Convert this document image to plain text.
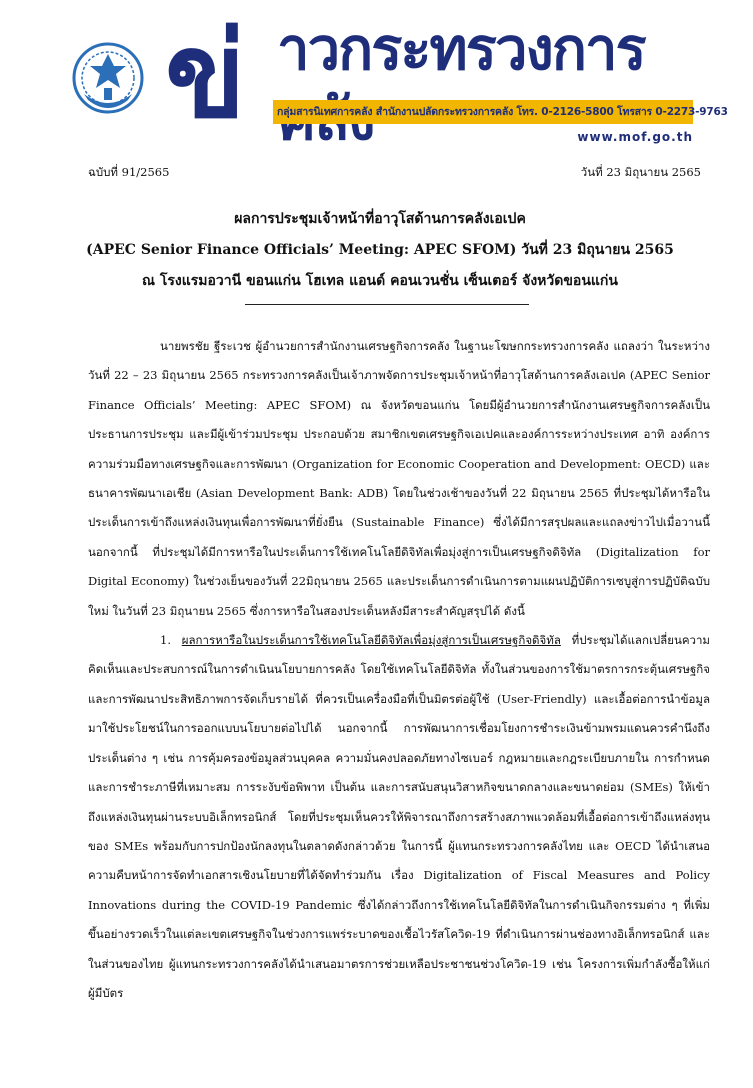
ข่ าวกระทรวงการ
กลุ่มสารนิเทศการคลัง สำนักงานปลัดกระทรวงการคลัง โทร. 0-2126-5800 โทรสาร 0-2273-9763
www.mof.go.th
ฉบับที่ 91/2565	วันที่ 23 มิถุนายน 2565
ผลการประชุมเจ้าหน้าที่อาวุโสด้านการคลังเอเปค
(APEC Senior Finance Officials’ Meeting: APEC SFOM) วันที่ 23 มิถุนายน 2565
ณ โรงแรมอวานี ขอนแก่น โฮเทล แอนด์ คอนเวนชั่น เซ็นเตอร์ จังหวัดขอนแก่น

นายพรชัย ฐีระเวช ผู้อำนวยการสำนักงานเศรษฐกิจการคลัง ในฐานะโฆษกกระทรวงการคลัง แถลงว่า ในระหว่างวันที่ 22 – 23 มิถุนายน 2565 กระทรวงการคลังเป็นเจ้าภาพจัดการประชุมเจ้าหน้าที่อาวุโสด้านการคลังเอเปค (APEC Senior Finance Officials’ Meeting: APEC SFOM) ณ จังหวัดขอนแก่น โดยมีผู้อำนวยการสำนักงานเศรษฐกิจการคลังเป็นประธานการประชุม และมีผู้เข้าร่วมประชุม ประกอบด้วย สมาชิกเขตเศรษฐกิจเอเปคและองค์การระหว่างประเทศ อาทิ องค์การความร่วมมือทางเศรษฐกิจและการพัฒนา (Organization for Economic Cooperation and Development: OECD) และธนาคารพัฒนาเอเชีย (Asian Development Bank: ADB) โดยในช่วงเช้าของวันที่ 22 มิถุนายน 2565 ที่ประชุมได้หารือในประเด็นการเข้าถึงแหล่งเงินทุนเพื่อการพัฒนาที่ยั่งยืน (Sustainable Finance) ซึ่งได้มีการสรุปผลและแถลงข่าวไปเมื่อวานนี้ นอกจากนี้ ที่ประชุมได้มีการหารือในประเด็นการใช้เทคโนโลยีดิจิทัลเพื่อมุ่งสู่การเป็นเศรษฐกิจดิจิทัล (Digitalization for Digital Economy) ในช่วงเย็นของวันที่ 22มิถุนายน 2565 และประเด็นการดำเนินการตามแผนปฏิบัติการเซบูสู่การปฏิบัติฉบับใหม่ ในวันที่ 23 มิถุนายน 2565 ซึ่งการหารือในสองประเด็นหลังมีสาระสำคัญสรุปได้ ดังนี้

1. ผลการหารือในประเด็นการใช้เทคโนโลยีดิจิทัลเพื่อมุ่งสู่การเป็นเศรษฐกิจดิจิทัล ที่ประชุมได้แลกเปลี่ยนความคิดเห็นและประสบการณ์ในการดำเนินนโยบายการคลัง โดยใช้เทคโนโลยีดิจิทัล ทั้งในส่วนของการใช้มาตรการกระตุ้นเศรษฐกิจและการพัฒนาประสิทธิภาพการจัดเก็บรายได้ ที่ควรเป็นเครื่องมือที่เป็นมิตรต่อผู้ใช้ (User-Friendly) และเอื้อต่อการนำข้อมูลมาใช้ประโยชน์ในการออกแบบนโยบายต่อไปได้ นอกจากนี้ การพัฒนาการเชื่อมโยงการชำระเงินข้ามพรมแดนควรคำนึงถึงประเด็นต่าง ๆ เช่น การคุ้มครองข้อมูลส่วนบุคคล ความมั่นคงปลอดภัยทางไซเบอร์ กฎหมายและกฎระเบียบภายใน การกำหนดและการชำระภาษีที่เหมาะสม การระงับข้อพิพาท เป็นต้น และการสนับสนุนวิสาหกิจขนาดกลางและขนาดย่อม (SMEs) ให้เข้าถึงแหล่งเงินทุนผ่านระบบอิเล็กทรอนิกส์ โดยที่ประชุมเห็นควรให้พิจารณาถึงการสร้างสภาพแวดล้อมที่เอื้อต่อการเข้าถึงแหล่งทุนของ SMEs พร้อมกับการปกป้องนักลงทุนในตลาดดังกล่าวด้วย ในการนี้ ผู้แทนกระทรวงการคลังไทย และ OECD ได้นำเสนอความคืบหน้าการจัดทำเอกสารเชิงนโยบายที่ได้จัดทำร่วมกัน เรื่อง Digitalization of Fiscal Measures and Policy Innovations during the COVID-19 Pandemic ซึ่งได้กล่าวถึงการใช้เทคโนโลยีดิจิทัลในการดำเนินกิจกรรมต่าง ๆ ที่เพิ่มขึ้นอย่างรวดเร็วในแต่ละเขตเศรษฐกิจในช่วงการแพร่ระบาดของเชื้อไวรัสโควิด-19 ที่ดำเนินการผ่านช่องทางอิเล็กทรอนิกส์ และในส่วนของไทย ผู้แทนกระทรวงการคลังได้นำเสนอมาตรการช่วยเหลือประชาชนช่วงโควิด-19 เช่น โครงการเพิ่มกำลังซื้อให้แก่ผู้มีบัตร
